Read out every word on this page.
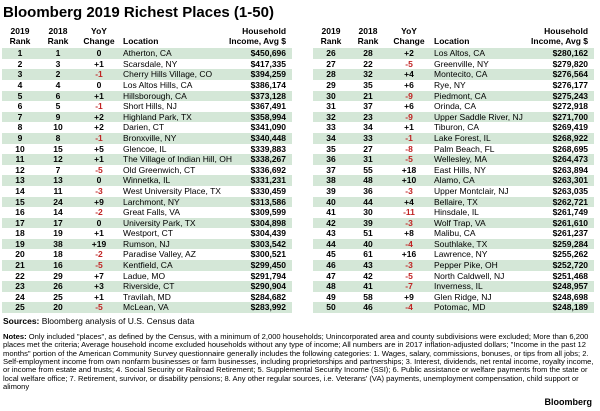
Bloomberg 2019 Richest Places (1-50)
2019
Rank

2018
Rank

YoY
Change	Location
Household
Income, Avg $

1	1	0	Atherton, CA	$450,696
2	3	+1	Scarsdale, NY	$417,335
3	2	-1	Cherry Hills Village, CO	$394,259
4	4	0	Los Altos Hills, CA	$386,174
5	6	+1	Hillsborough, CA	$373,128
6	5	-1	Short Hills, NJ	$367,491
7	9	+2	Highland Park, TX	$358,994
8	10	+2	Darien, CT	$341,090
9	8	-1	Bronxville, NY	$340,448
10	15	+5	Glencoe, IL	$339,883
11	12	+1	The Village of Indian Hill, OH	$338,267
12	7	-5	Old Greenwich, CT	$336,692
13	13	0	Winnetka, IL	$331,231
14	11	-3	West University Place, TX	$330,459
15	24	+9	Larchmont, NY	$313,586
16	14	-2	Great Falls, VA	$309,599
17	17	0	University Park, TX	$304,898
18	19	+1	Westport, CT	$304,439
19	38	+19	Rumson, NJ	$303,542
20	18	-2	Paradise Valley, AZ	$300,521
21	16	-5	Kentfield, CA	$299,450
22	29	+7	Ladue, MO	$291,794
23	26	+3	Riverside, CT	$290,904
24	25	+1	Travilah, MD	$284,682
25	20	-5	McLean, VA	$283,992
2019
Rank

2018
Rank

YoY
Change	Location
Household
Income, Avg $

26	28	+2	Los Altos, CA	$280,162
27	22	-5	Greenville, NY	$279,820
28	32	+4	Montecito, CA	$276,564
29	35	+6	Rye, NY	$276,177
30	21	-9	Piedmont, CA	$275,243
31	37	+6	Orinda, CA	$272,918
32	23	-9	Upper Saddle River, NJ	$271,700
33	34	+1	Tiburon, CA	$269,419
34	33	-1	Lake Forest, IL	$268,922
35	27	-8	Palm Beach, FL	$268,695
36	31	-5	Wellesley, MA	$264,473
37	55	+18	East Hills, NY	$263,894
38	48	+10	Alamo, CA	$263,301
39	36	-3	Upper Montclair, NJ	$263,035
40	44	+4	Bellaire, TX	$262,721
41	30	-11	Hinsdale, IL	$261,749
42	39	-3	Wolf Trap, VA	$261,610
43	51	+8	Malibu, CA	$261,237
44	40	-4	Southlake, TX	$259,284
45	61	+16	Lawrence, NY	$255,262
46	43	-3	Pepper Pike, OH	$252,720
47	42	-5	North Caldwell, NJ	$251,468
48	41	-7	Inverness, IL	$248,957
49	58	+9	Glen Ridge, NJ	$248,698
50	46	-4	Potomac, MD	$248,189
Sources: Bloomberg analysis of U.S. Census data
Notes: Only included "places", as defined by the Census, with a minimum of 2,000 households; Unincorporated area and county subdivisions were excluded; More than 6,200 places met the criteria; Average household income excluded households without any type of income; All numbers are in 2017 inflation-adjusted dollars; "Income in the past 12 months" portion of the American Community Survey questionnaire generally includes the following categories: 1. Wages, salary, commissions, bonuses, or tips from all jobs; 2. Self-employment income from own nonfarm businesses or farm businesses, including proprietorships and partnerships; 3. Interest, dividends, net rental income, royalty income, or income from estate and trusts; 4. Social Security or Railroad Retirement; 5. Supplemental Security Income (SSI); 6. Public assistance or welfare payments from the state or local welfare office; 7. Retirement, survivor, or disability pensions; 8. Any other regular sources, i.e. Veterans' (VA) payments, unemployment compensation, child support or alimony
Bloomberg
